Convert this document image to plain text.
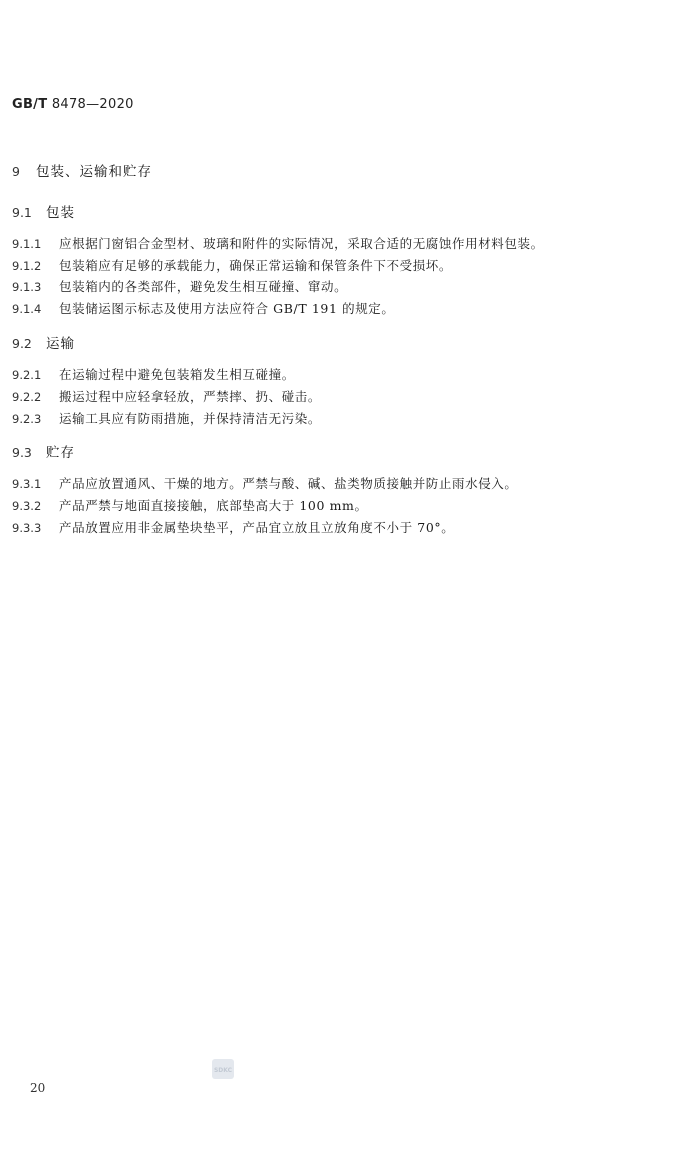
GB/T 8478—2020
9	包装、运输和贮存
9.1	包装
9.1.1	应根据门窗铝合金型材、玻璃和附件的实际情况，采取合适的无腐蚀作用材料包装。
9.1.2	包装箱应有足够的承载能力，确保正常运输和保管条件下不受损坏。
9.1.3	包装箱内的各类部件，避免发生相互碰撞、窜动。
9.1.4	包装储运图示标志及使用方法应符合 GB/T 191 的规定。
9.2	运输
9.2.1	在运输过程中避免包装箱发生相互碰撞。
9.2.2	搬运过程中应轻拿轻放，严禁摔、扔、碰击。
9.2.3	运输工具应有防雨措施，并保持清洁无污染。
9.3	贮存
9.3.1	产品应放置通风、干燥的地方。严禁与酸、碱、盐类物质接触并防止雨水侵入。
9.3.2	产品严禁与地面直接接触，底部垫高大于 100 mm。
9.3.3	产品放置应用非金属垫块垫平，产品宜立放且立放角度不小于 70°。
SDKC
20
